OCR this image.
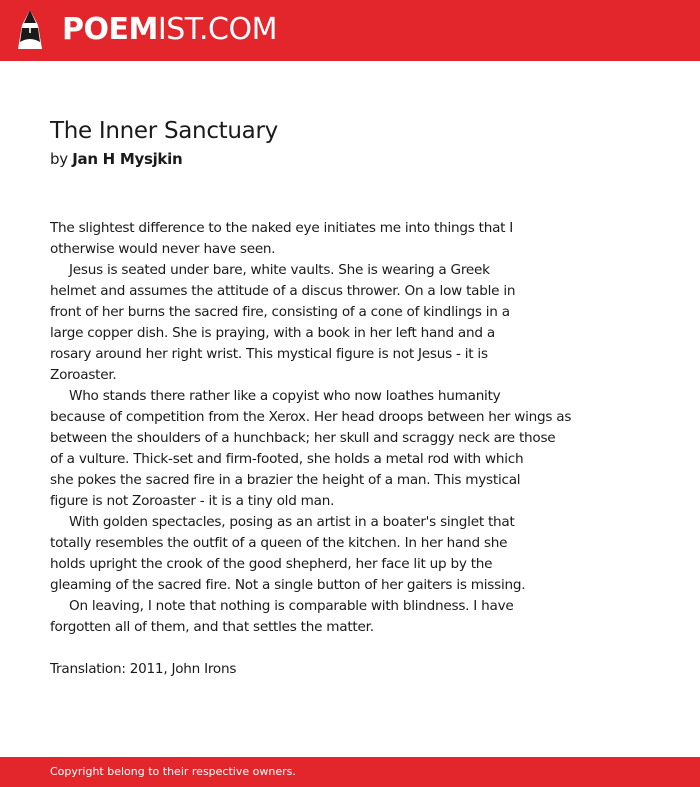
POEMIST.COM
The Inner Sanctuary
by Jan H Mysjkin
The slightest difference to the naked eye initiates me into things that I
otherwise would never have seen.
Jesus is seated under bare, white vaults. She is wearing a Greek
helmet and assumes the attitude of a discus thrower. On a low table in
front of her burns the sacred fire, consisting of a cone of kindlings in a
large copper dish. She is praying, with a book in her left hand and a
rosary around her right wrist. This mystical figure is not Jesus - it is
Zoroaster.
Who stands there rather like a copyist who now loathes humanity
because of competition from the Xerox. Her head droops between her wings as
between the shoulders of a hunchback; her skull and scraggy neck are those
of a vulture. Thick-set and firm-footed, she holds a metal rod with which
she pokes the sacred fire in a brazier the height of a man. This mystical
figure is not Zoroaster - it is a tiny old man.
With golden spectacles, posing as an artist in a boater's singlet that
totally resembles the outfit of a queen of the kitchen. In her hand she
holds upright the crook of the good shepherd, her face lit up by the
gleaming of the sacred fire. Not a single button of her gaiters is missing.
On leaving, I note that nothing is comparable with blindness. I have
forgotten all of them, and that settles the matter.
Translation: 2011, John Irons
Copyright belong to their respective owners.
